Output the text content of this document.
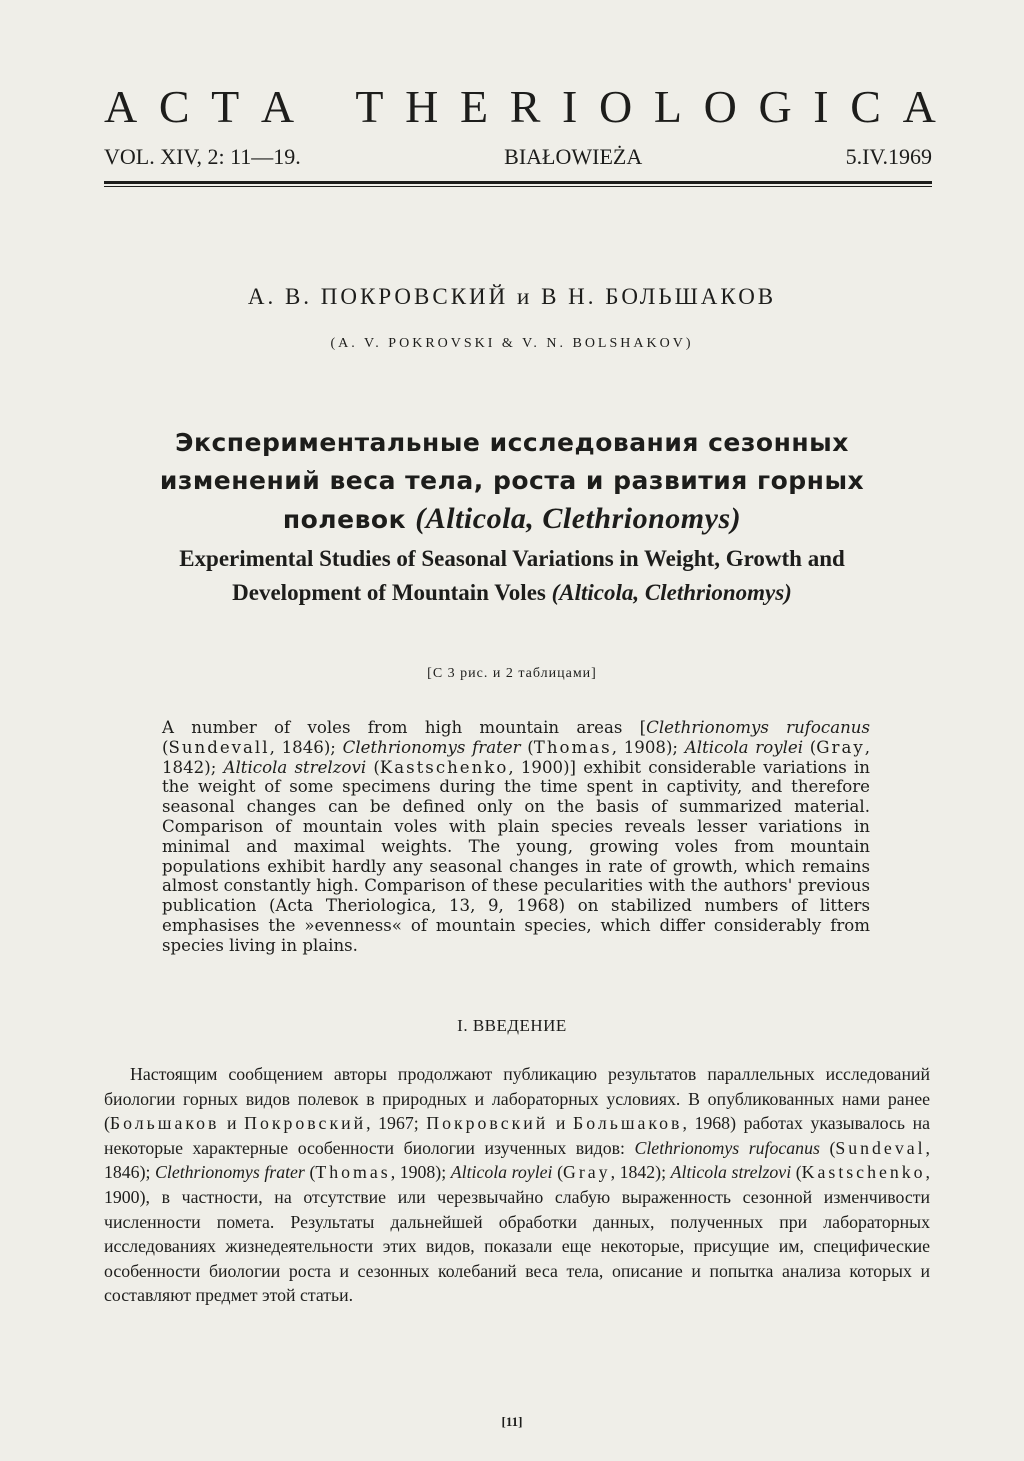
A C T A T H E R I O L O G I C A
VOL. XIV, 2: 11—19.	BIAŁOWIEŻA	5.IV.1969
А. В. ПОКРОВСКИЙ и В Н. БОЛЬШАКОВ
(A. V. POKROVSKI & V. N. BOLSHAKOV)
Экспериментальные исследования сезонных
изменений веса тела, роста и развития горных
полевок (Alticola, Clethrionomys)
Experimental Studies of Seasonal Variations in Weight, Growth and Development of Mountain Voles (Alticola, Clethrionomys)
[С 3 рис. и 2 таблицами]
A number of voles from high mountain areas [Clethrionomys rufocanus (Sundevall, 1846); Clethrionomys frater (Thomas, 1908); Alticola roylei (Gray, 1842); Alticola strelzovi (Kastschenko, 1900)] exhibit considerable variations in the weight of some specimens during the time spent in captivity, and therefore seasonal changes can be defined only on the basis of summarized material. Comparison of mountain voles with plain species reveals lesser variations in minimal and maximal weights. The young, growing voles from mountain populations exhibit hardly any seasonal changes in rate of growth, which remains almost constantly high. Comparison of these pecularities with the authors' previous publication (Acta Theriologica, 13, 9, 1968) on stabilized numbers of litters emphasises the »evenness« of mountain species, which differ considerably from species living in plains.
I. ВВЕДЕНИЕ
Настоящим сообщением авторы продолжают публикацию результатов параллельных исследований биологии горных видов полевок в природных и лабораторных условиях. В опубликованных нами ранее (Большаков и Покровский, 1967; Покровский и Большаков, 1968) работах указывалось на некоторые характерные особенности биологии изученных видов: Clethrionomys rufocanus (Sundeval, 1846); Clethrionomys frater (Thomas, 1908); Alticola roylei (Gray, 1842); Alticola strelzovi (Kastschenko, 1900), в частности, на отсутствие или черезвычайно слабую выраженность сезонной изменчивости численности помета. Результаты дальнейшей обработки данных, полученных при лабораторных исследованиях жизнедеятельности этих видов, показали еще некоторые, присущие им, специфические особенности биологии роста и сезонных колебаний веса тела, описание и попытка анализа которых и составляют предмет этой статьи.
[11]
